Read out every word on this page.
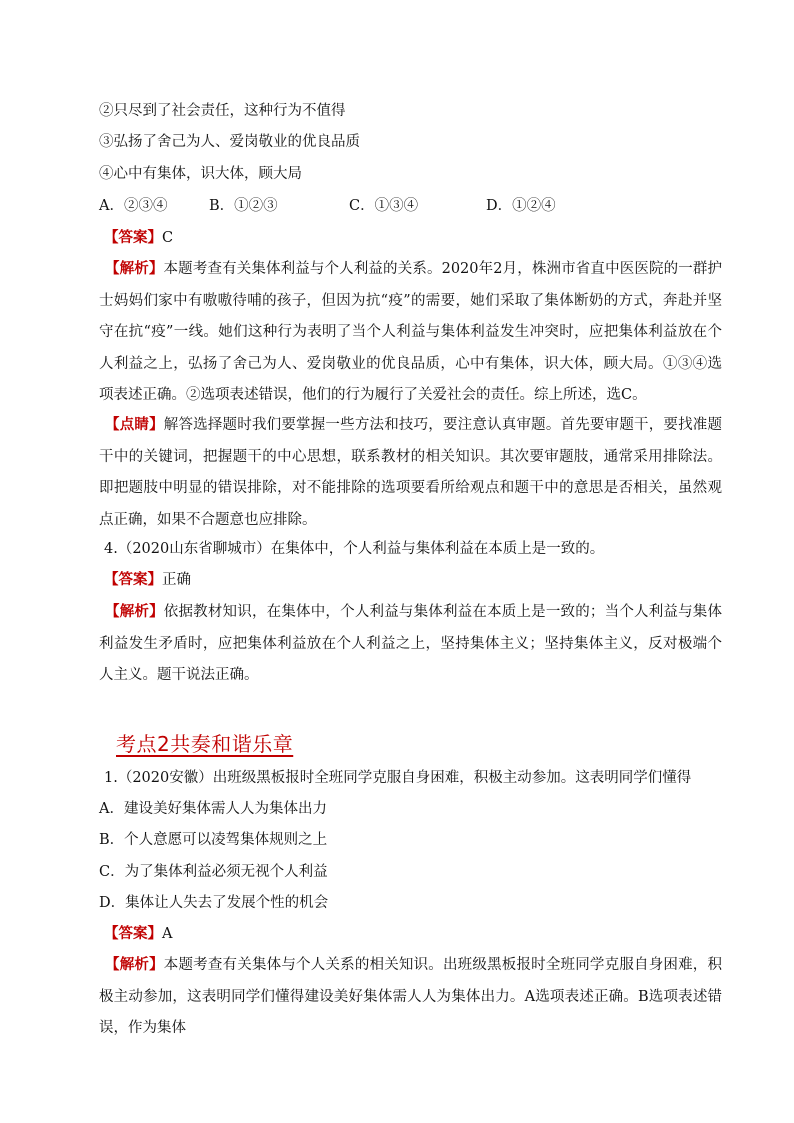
②只尽到了社会责任，这种行为不值得
③弘扬了舍己为人、爱岗敬业的优良品质
④心中有集体，识大体，顾大局
A．②③④	B．①②③	C．①③④	D．①②④
【答案】C
【解析】本题考查有关集体利益与个人利益的关系。2020年2月，株洲市省直中医医院的一群护士妈妈们家中有嗷嗷待哺的孩子，但因为抗“疫”的需要，她们采取了集体断奶的方式，奔赴并坚守在抗“疫”一线。她们这种行为表明了当个人利益与集体利益发生冲突时，应把集体利益放在个人利益之上，弘扬了舍己为人、爱岗敬业的优良品质，心中有集体，识大体，顾大局。①③④选项表述正确。②选项表述错误，他们的行为履行了关爱社会的责任。综上所述，选C。
【点睛】解答选择题时我们要掌握一些方法和技巧，要注意认真审题。首先要审题干，要找准题干中的关键词，把握题干的中心思想，联系教材的相关知识。其次要审题肢，通常采用排除法。即把题肢中明显的错误排除，对不能排除的选项要看所给观点和题干中的意思是否相关，虽然观点正确，如果不合题意也应排除。
4.（2020山东省聊城市）在集体中，个人利益与集体利益在本质上是一致的。
【答案】正确
【解析】依据教材知识，在集体中，个人利益与集体利益在本质上是一致的；当个人利益与集体利益发生矛盾时，应把集体利益放在个人利益之上，坚持集体主义；坚持集体主义，反对极端个人主义。题干说法正确。
考点2共奏和谐乐章
1.（2020安徽）出班级黑板报时全班同学克服自身困难，积极主动参加。这表明同学们懂得
A．建设美好集体需人人为集体出力
B．个人意愿可以凌驾集体规则之上
C．为了集体利益必须无视个人利益
D．集体让人失去了发展个性的机会
【答案】A
【解析】本题考查有关集体与个人关系的相关知识。出班级黑板报时全班同学克服自身困难，积极主动参加，这表明同学们懂得建设美好集体需人人为集体出力。A选项表述正确。B选项表述错误，作为集体
